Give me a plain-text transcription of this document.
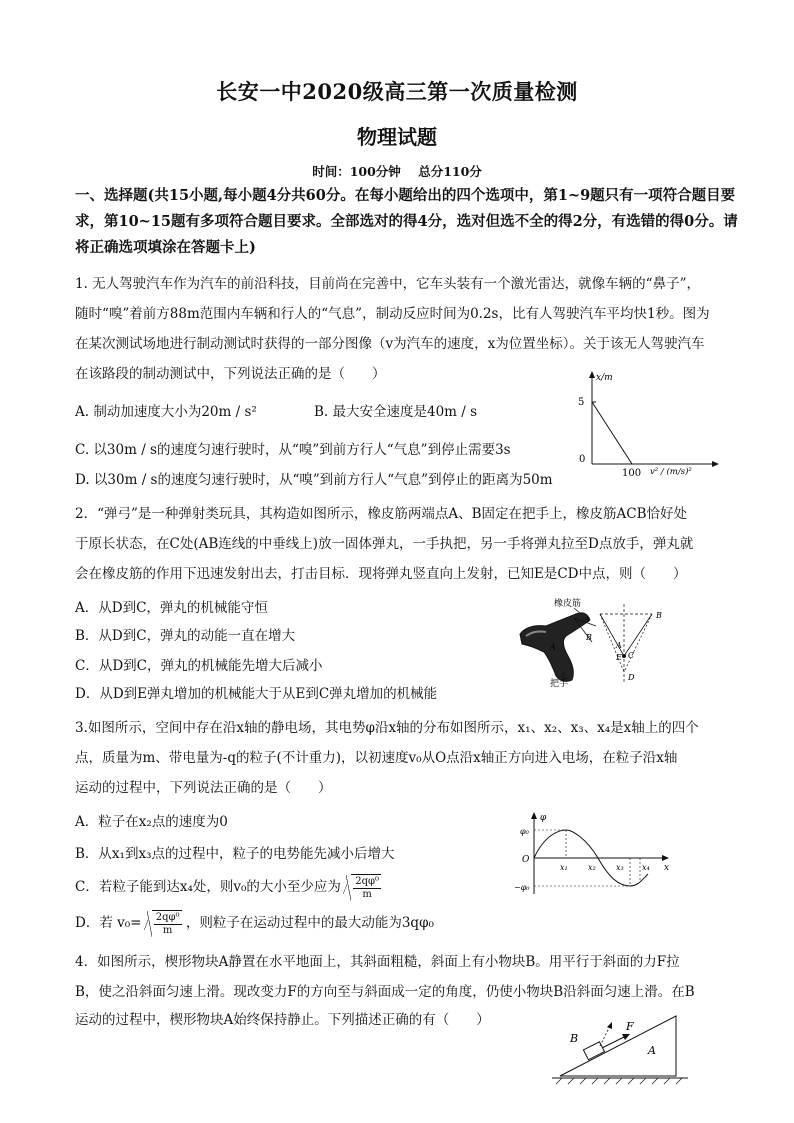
长安一中2020级高三第一次质量检测
物理试题
时间：100分钟    总分110分
一、选择题(共15小题,每小题4分共60分。在每小题给出的四个选项中，第1~9题只有一项符合题目要
求，第10~15题有多项符合题目要求。全部选对的得4分，选对但选不全的得2分，有选错的得0分。请
将正确选项填涂在答题卡上)
1. 无人驾驶汽车作为汽车的前沿科技，目前尚在完善中，它车头装有一个激光雷达，就像车辆的“鼻子”，
随时“嗅”着前方88m范围内车辆和行人的“气息”，制动反应时间为0.2s，比有人驾驶汽车平均快1秒。图为
在某次测试场地进行制动测试时获得的一部分图像（v为汽车的速度，x为位置坐标）。关于该无人驾驶汽车
在该路段的制动测试中，下列说法正确的是（　　）
A. 制动加速度大小为20m / s²	B. 最大安全速度是40m / s
C. 以30m / s的速度匀速行驶时，从“嗅”到前方行人“气息”到停止需要3s
D. 以30m / s的速度匀速行驶时，从“嗅”到前方行人“气息”到停止的距离为50m
x/m
5
0
100 v² / (m/s)²
2．“弹弓”是一种弹射类玩具，其构造如图所示，橡皮筋两端点A、B固定在把手上，橡皮筋ACB恰好处
于原长状态，在C处(AB连线的中垂线上)放一固体弹丸，一手执把，另一手将弹丸拉至D点放手，弹丸就
会在橡皮筋的作用下迅速发射出去，打击目标．现将弹丸竖直向上发射，已知E是CD中点，则（　　）
A．从D到C，弹丸的机械能守恒
B．从D到C，弹丸的动能一直在增大
C．从D到C，弹丸的机械能先增大后减小
D．从D到E弹丸增加的机械能大于从E到C弹丸增加的机械能
橡皮筋
A
B
A
把手
A
B
E C
D
3.如图所示，空间中存在沿x轴的静电场，其电势φ沿x轴的分布如图所示，x₁、x₂、x₃、x₄是x轴上的四个
点，质量为m、带电量为-q的粒子(不计重力)，以初速度v₀从O点沿x轴正方向进入电场，在粒子沿x轴
运动的过程中，下列说法正确的是（　　）
A．粒子在x₂点的速度为0
B．从x₁到x₃点的过程中，粒子的电势能先减小后增大
C．若粒子能到达x₄处，则v₀的大小至少应为 $\frac{\text{2qφ⁰}}{m}$
D．若 $v_0= \frac{\text{2qφ⁰}}{m}$ ，则粒子在运动过程中的最大动能为3qφ₀
φ
φ₀
O
−φ₀
x₁	x₂	x₃ x₄ x
4．如图所示，楔形物块A静置在水平地面上，其斜面粗糙，斜面上有小物块B。用平行于斜面的力F拉
B，使之沿斜面匀速上滑。现改变力F的方向至与斜面成一定的角度，仍使小物块B沿斜面匀速上滑。在B
运动的过程中，楔形物块A始终保持静止。下列描述正确的有（　　）
B
F
A
